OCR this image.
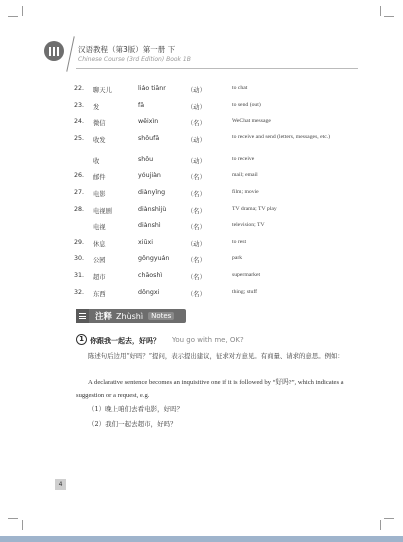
汉语教程（第3版）第一册 下
Chinese Course (3rd Edition) Book 1B
22. 聊天儿	liáo tiānr	（动）	to chat
23. 发	fā	（动）	to send (out)
24. 微信	wēixìn	（名）	WeChat message
25. 收发	shōufā	（动）	to receive and send (letters, messages, etc.)
收	shōu	（动）	to receive
26. 邮件	yóujiàn	（名）	mail; email
27. 电影	diànyǐng	（名）	film; movie
28. 电视剧	diànshìjù	（名）	TV drama; TV play
电视	diànshì	（名）	television; TV
29. 休息	xiūxi	（动）	to rest
30. 公园	gōngyuán	（名）	park
31. 超市	chāoshì	（名）	supermarket
32. 东西	dōngxi	（名）	thing; stuff
注释 Zhùshì	Notes
1 你跟我一起去，好吗？ You go with me, OK?
陈述句后边用“好吗？”提问，表示提出建议，征求对方意见。有商量、请求的意思。例如：
A declarative sentence becomes an inquisitive one if it is followed by “好吗?”, which indicates a suggestion or a request, e.g.
（1）晚上咱们去看电影，好吗？
（2）我们一起去超市，好吗？
4
